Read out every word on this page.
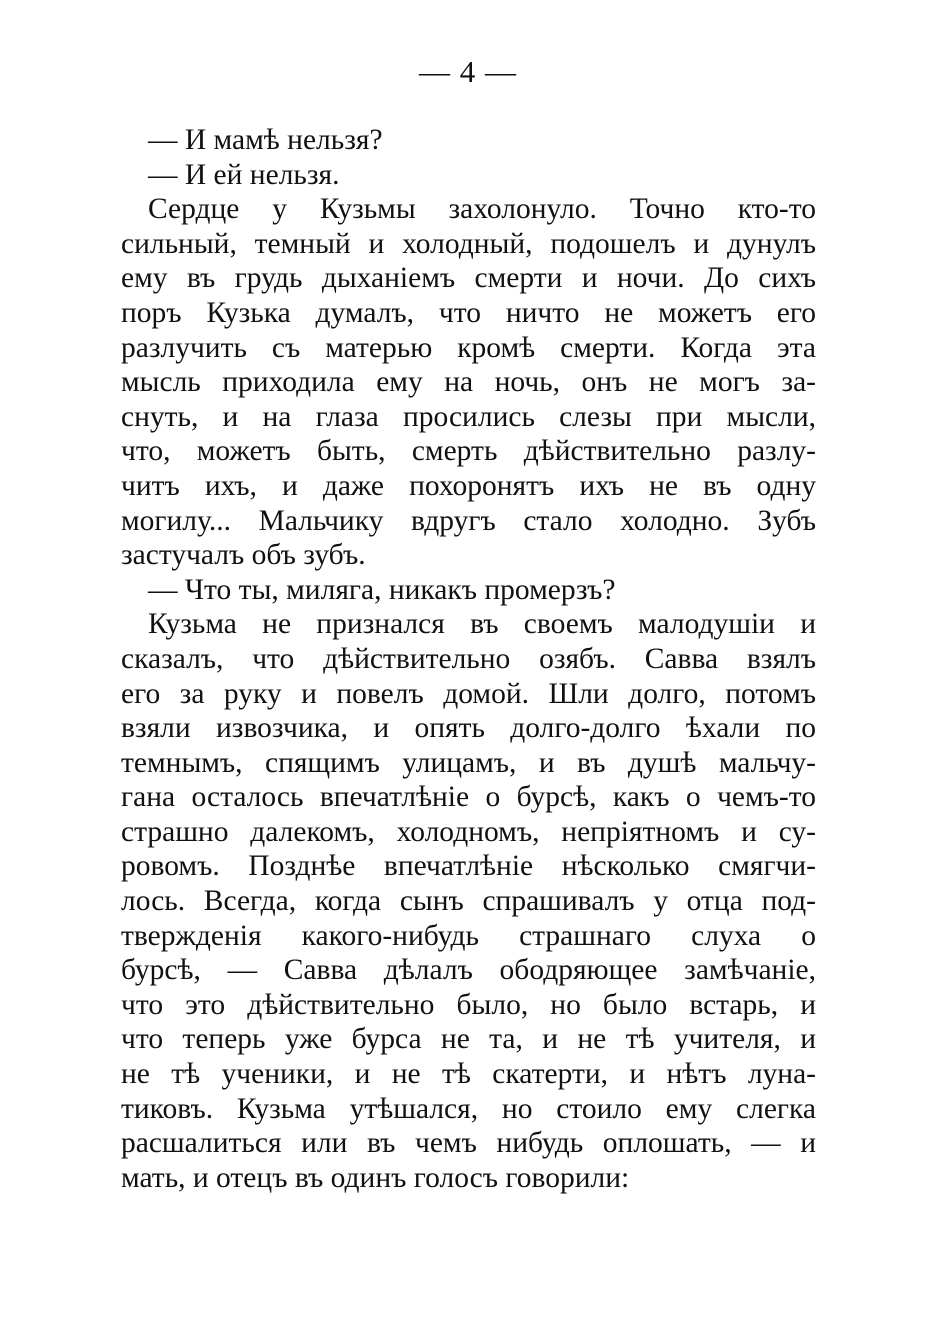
— 4 —
— И мамѣ нельзя?
— И ей нельзя.
Сердце у Кузьмы захолонуло. Точно кто-то
сильный, темный и холодный, подошелъ и дунулъ
ему въ грудь дыханіемъ смерти и ночи. До сихъ
поръ Кузька думалъ, что ничто не можетъ его
разлучить съ матерью кромѣ смерти. Когда эта
мысль приходила ему на ночь, онъ не могъ за-
снуть, и на глаза просились слезы при мысли,
что, можетъ быть, смерть дѣйствительно разлу-
читъ ихъ, и даже похоронятъ ихъ не въ одну
могилу... Мальчику вдругъ стало холодно. Зубъ
застучалъ объ зубъ.
— Что ты, миляга, никакъ промерзъ?
Кузьма не признался въ своемъ малодушіи и
сказалъ, что дѣйствительно озябъ. Савва взялъ
его за руку и повелъ домой. Шли долго, потомъ
взяли извозчика, и опять долго-долго ѣхали по
темнымъ, спящимъ улицамъ, и въ душѣ мальчу-
гана осталось впечатлѣніе о бурсѣ, какъ о чемъ-то
страшно далекомъ, холодномъ, непріятномъ и су-
ровомъ. Позднѣе впечатлѣніе нѣсколько смягчи-
лось. Всегда, когда сынъ спрашивалъ у отца под-
твержденія какого-нибудь страшнаго слуха о
бурсѣ, — Савва дѣлалъ ободряющее замѣчаніе,
что это дѣйствительно было, но было встарь, и
что теперь уже бурса не та, и не тѣ учителя, и
не тѣ ученики, и не тѣ скатерти, и нѣтъ луна-
тиковъ. Кузьма утѣшался, но стоило ему слегка
расшалиться или въ чемъ нибудь оплошать, — и
мать, и отецъ въ одинъ голосъ говорили:
